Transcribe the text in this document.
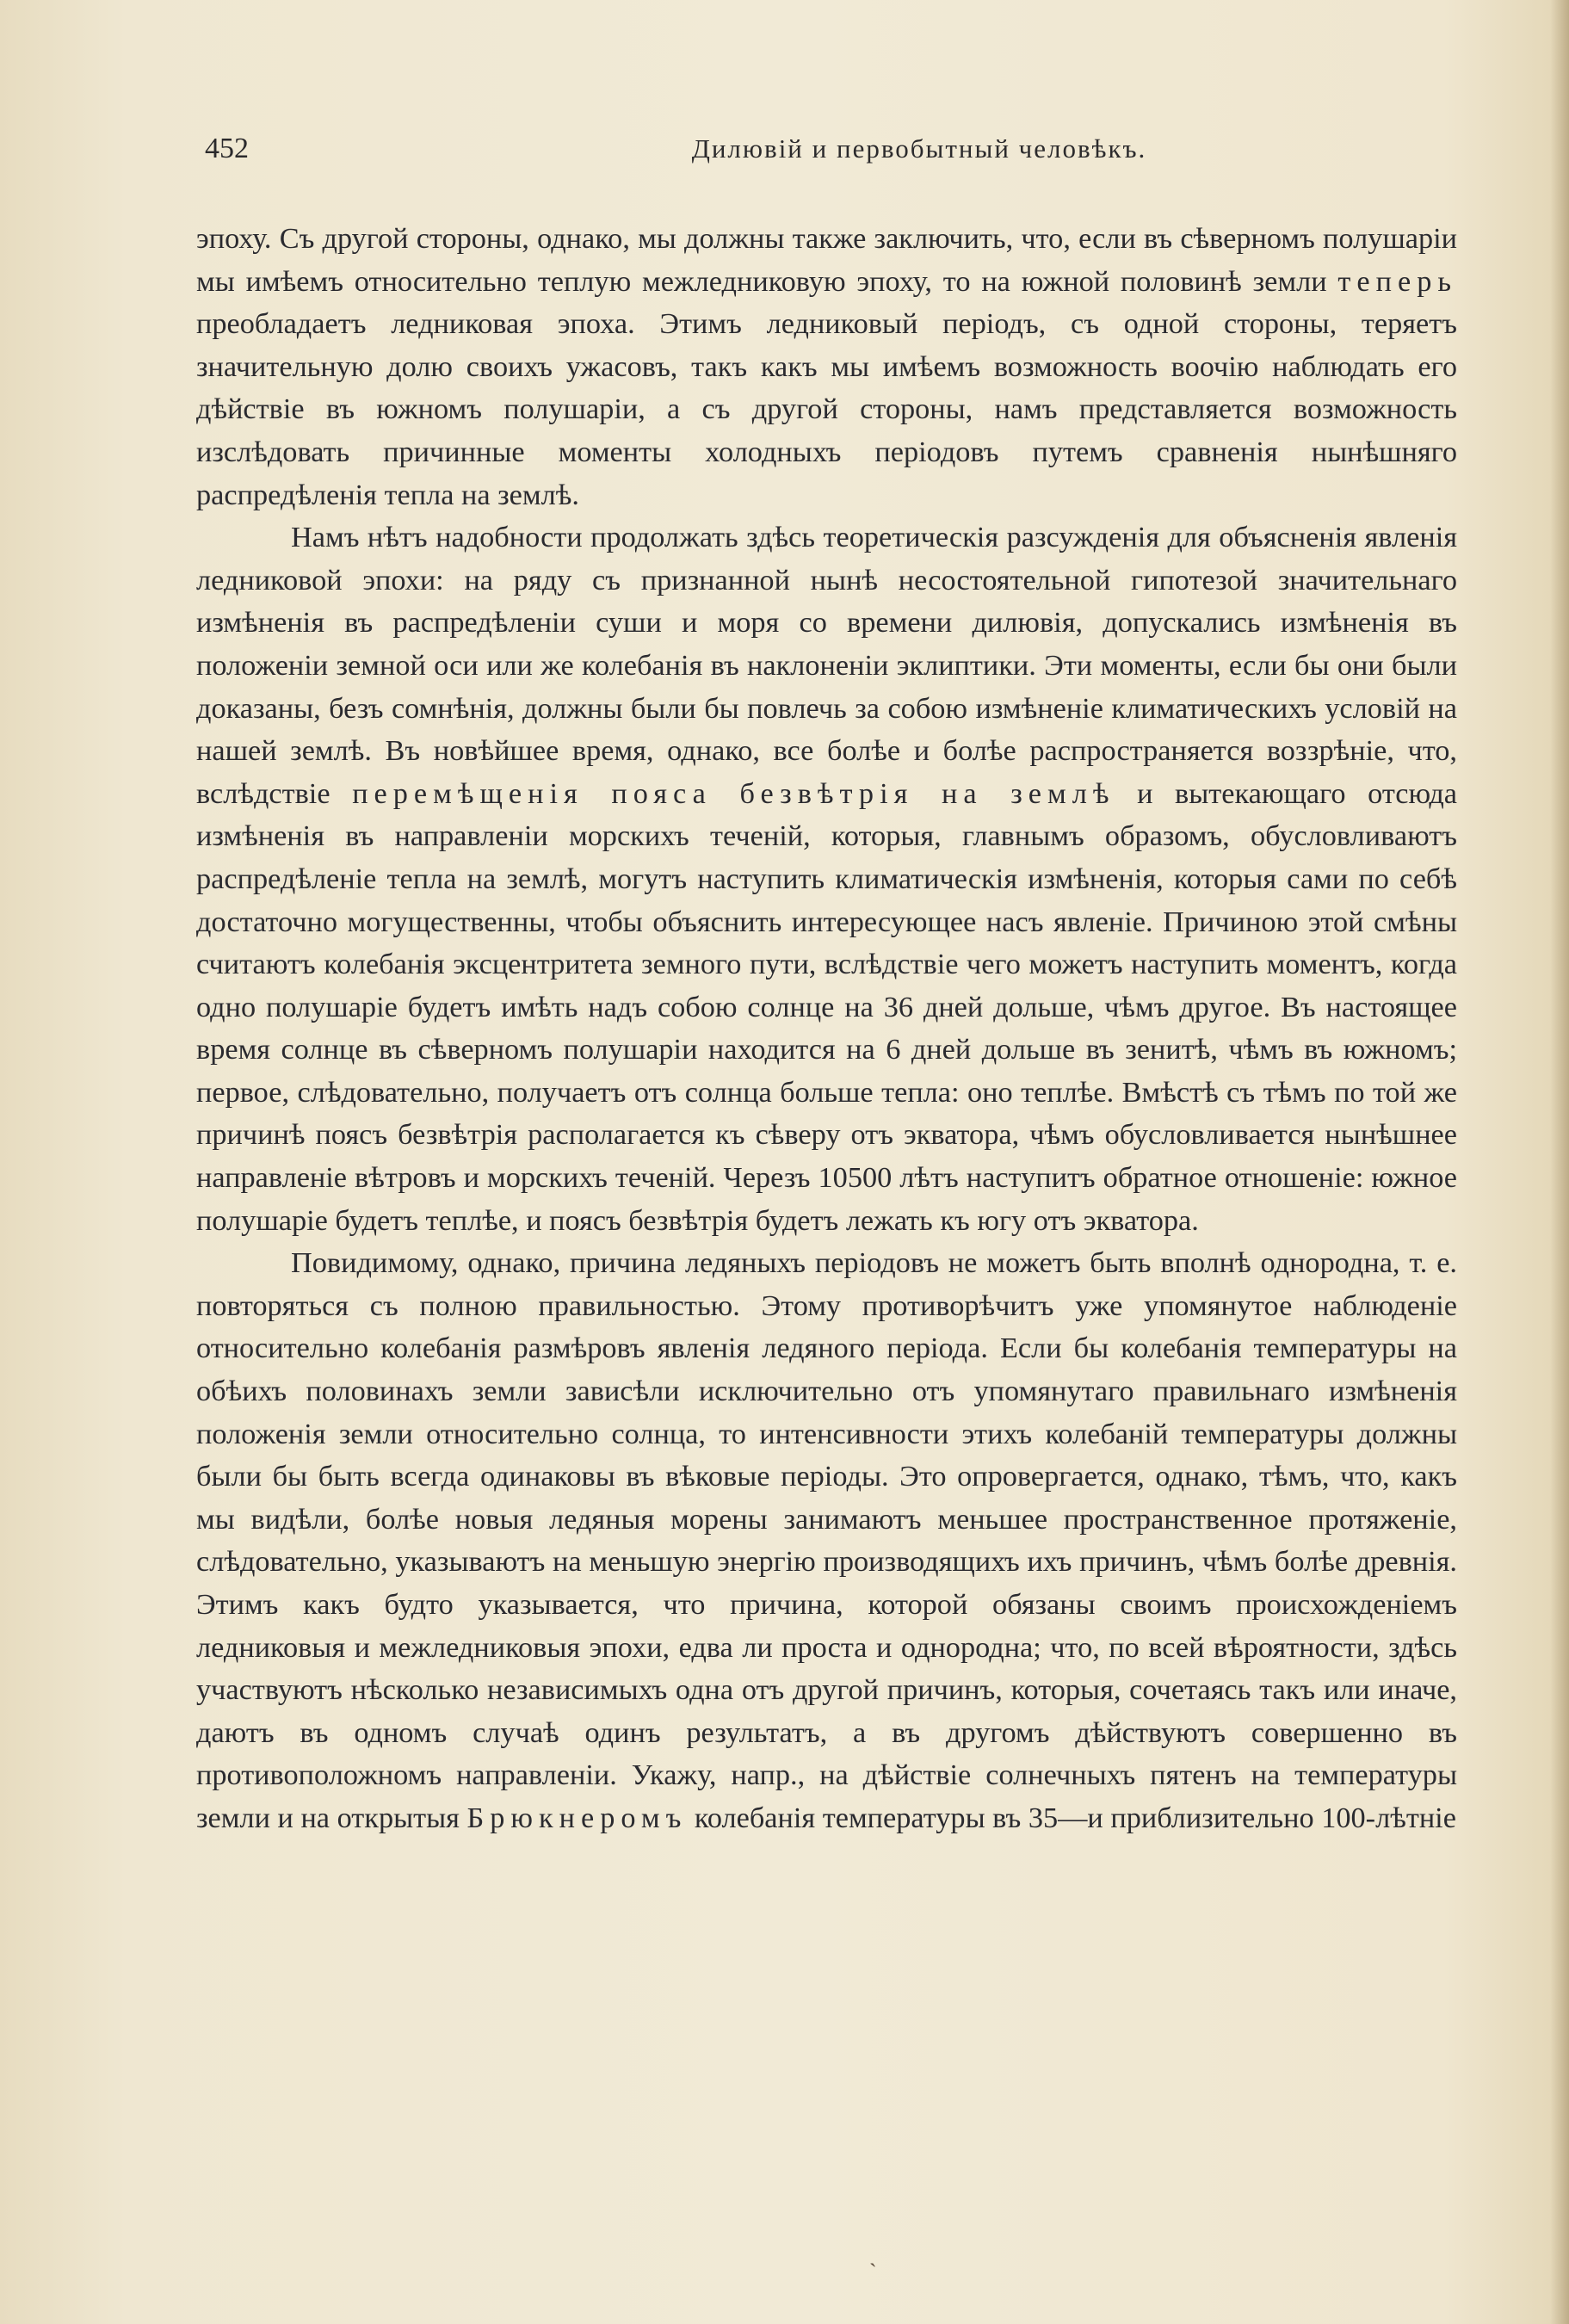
452	Дилювій и первобытный человѣкъ.

эпоху. Съ другой стороны, однако, мы должны также заключить, что, если въ сѣверномъ полушаріи мы имѣемъ относительно теплую межледниковую эпоху, то на южной половинѣ земли теперь преобладаетъ ледниковая эпоха. Этимъ ледниковый періодъ, съ одной стороны, теряетъ значительную долю своихъ ужасовъ, такъ какъ мы имѣемъ возможность воочію наблюдать его дѣйствіе въ южномъ полушаріи, а съ другой стороны, намъ представляется возможность изслѣдовать причинные моменты холодныхъ періодовъ путемъ сравненія нынѣшняго распредѣленія тепла на землѣ.

Намъ нѣтъ надобности продолжать здѣсь теоретическія разсужденія для объясненія явленія ледниковой эпохи: на ряду съ признанной нынѣ несостоятельной гипотезой значительнаго измѣненія въ распредѣленіи суши и моря со времени дилювія, допускались измѣненія въ положеніи земной оси или же колебанія въ наклоненіи эклиптики. Эти моменты, если бы они были доказаны, безъ сомнѣнія, должны были бы повлечь за собою измѣненіе климатическихъ условій на нашей землѣ. Въ новѣйшее время, однако, все болѣе и болѣе распространяется воззрѣніе, что, вслѣдствіе перемѣщенія пояса безвѣтрія на землѣ и вытекающаго отсюда измѣненія въ направленіи морскихъ теченій, которыя, главнымъ образомъ, обусловливаютъ распредѣленіе тепла на землѣ, могутъ наступить климатическія измѣненія, которыя сами по себѣ достаточно могущественны, чтобы объяснить интересующее насъ явленіе. Причиною этой смѣны считаютъ колебанія эксцентритета земного пути, вслѣдствіе чего можетъ наступить моментъ, когда одно полушаріе будетъ имѣть надъ собою солнце на 36 дней дольше, чѣмъ другое. Въ настоящее время солнце въ сѣверномъ полушаріи находится на 6 дней дольше въ зенитѣ, чѣмъ въ южномъ; первое, слѣдовательно, получаетъ отъ солнца больше тепла: оно теплѣе. Вмѣстѣ съ тѣмъ по той же причинѣ поясъ безвѣтрія располагается къ сѣверу отъ экватора, чѣмъ обусловливается нынѣшнее направленіе вѣтровъ и морскихъ теченій. Черезъ 10500 лѣтъ наступитъ обратное отношеніе: южное полушаріе будетъ теплѣе, и поясъ безвѣтрія будетъ лежать къ югу отъ экватора.

Повидимому, однако, причина ледяныхъ періодовъ не можетъ быть вполнѣ однородна, т. е. повторяться съ полною правильностью. Этому противорѣчитъ уже упомянутое наблюденіе относительно колебанія размѣровъ явленія ледяного періода. Если бы колебанія температуры на обѣихъ половинахъ земли зависѣли исключительно отъ упомянутаго правильнаго измѣненія положенія земли относительно солнца, то интенсивности этихъ колебаній температуры должны были бы быть всегда одинаковы въ вѣковые періоды. Это опровергается, однако, тѣмъ, что, какъ мы видѣли, болѣе новыя ледяныя морены занимаютъ меньшее пространственное протяженіе, слѣдовательно, указываютъ на меньшую энергію производящихъ ихъ причинъ, чѣмъ болѣе древнія. Этимъ какъ будто указывается, что причина, которой обязаны своимъ происхожденіемъ ледниковыя и межледниковыя эпохи, едва ли проста и однородна; что, по всей вѣроятности, здѣсь участвуютъ нѣсколько независимыхъ одна отъ другой причинъ, которыя, сочетаясь такъ или иначе, даютъ въ одномъ случаѣ одинъ результатъ, а въ другомъ дѣйствуютъ совершенно въ противоположномъ направленіи. Укажу, напр., на дѣйствіе солнечныхъ пятенъ на температуры земли и на открытыя Брюкнеромъ колебанія температуры въ 35—и приблизительно 100-лѣтніе

ˏ
